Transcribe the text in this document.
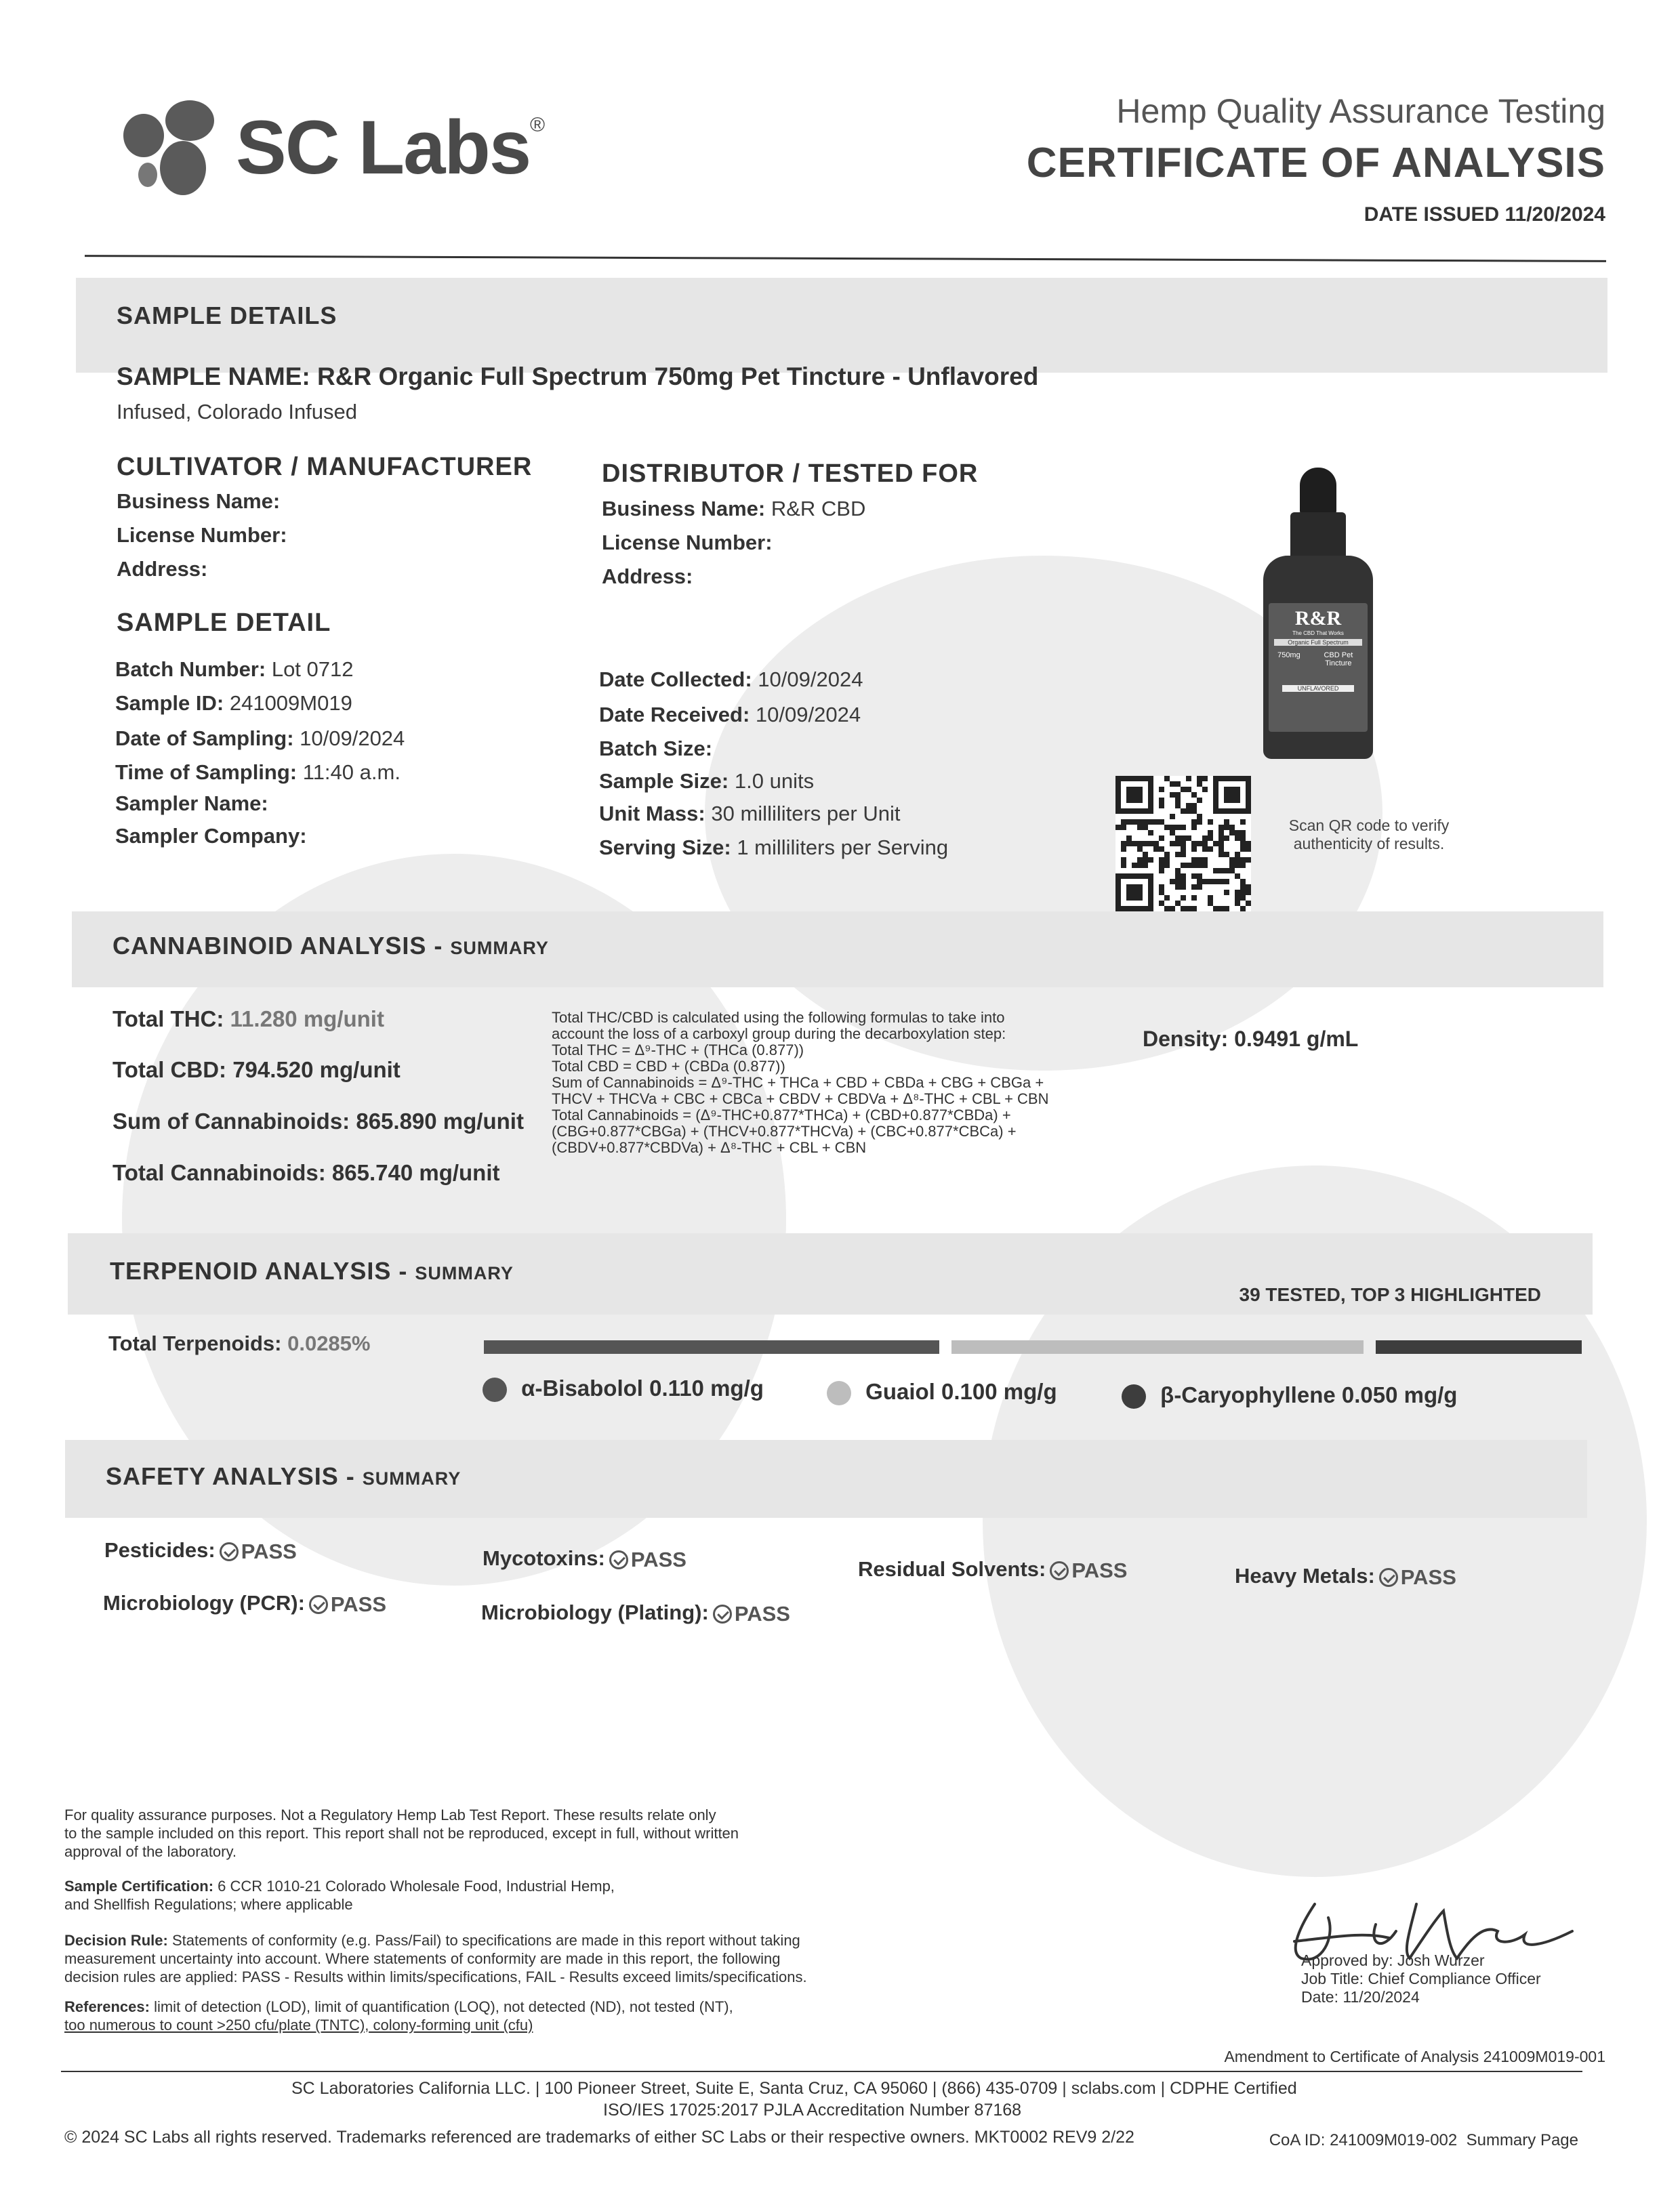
SC Labs ®	Hemp Quality Assurance Testing
CERTIFICATE OF ANALYSIS
DATE ISSUED 11/20/2024
SAMPLE DETAILS
SAMPLE NAME: R&R Organic Full Spectrum 750mg Pet Tincture - Unflavored
Infused, Colorado Infused
CULTIVATOR / MANUFACTURER
Business Name:
License Number:
Address:
DISTRIBUTOR / TESTED FOR
Business Name: R&R CBD
License Number:
Address:
SAMPLE DETAIL
Batch Number: Lot 0712
Sample ID: 241009M019
Date of Sampling: 10/09/2024
Time of Sampling: 11:40 a.m.
Sampler Name:
Sampler Company:
Date Collected: 10/09/2024
Date Received: 10/09/2024
Batch Size:
Sample Size: 1.0 units
Unit Mass: 30 milliliters per Unit
Serving Size: 1 milliliters per Serving
R&R
The CBD That Works
Organic Full Spectrum
750mg	CBD Pet Tincture
UNFLAVORED
Scan QR code to verify authenticity of results.
CANNABINOID ANALYSIS - SUMMARY
Total THC: 11.280 mg/unit
Total CBD: 794.520 mg/unit
Sum of Cannabinoids: 865.890 mg/unit
Total Cannabinoids: 865.740 mg/unit
Total THC/CBD is calculated using the following formulas to take into
account the loss of a carboxyl group during the decarboxylation step:
Total THC = Δ⁹-THC + (THCa (0.877))
Total CBD = CBD + (CBDa (0.877))
Sum of Cannabinoids = Δ⁹-THC + THCa + CBD + CBDa + CBG + CBGa +
THCV + THCVa + CBC + CBCa + CBDV + CBDVa + Δ⁸-THC + CBL + CBN
Total Cannabinoids = (Δ⁹-THC+0.877*THCa) + (CBD+0.877*CBDa) +
(CBG+0.877*CBGa) + (THCV+0.877*THCVa) + (CBC+0.877*CBCa) +
(CBDV+0.877*CBDVa) + Δ⁸-THC + CBL + CBN
Density: 0.9491 g/mL
TERPENOID ANALYSIS - SUMMARY
39 TESTED, TOP 3 HIGHLIGHTED
Total Terpenoids: 0.0285%
α-Bisabolol 0.110 mg/g	Guaiol 0.100 mg/g	β-Caryophyllene 0.050 mg/g
SAFETY ANALYSIS - SUMMARY
Pesticides: PASS
Microbiology (PCR): PASS
Mycotoxins: PASS
Microbiology (Plating): PASS
Residual Solvents: PASS	Heavy Metals: PASS
For quality assurance purposes. Not a Regulatory Hemp Lab Test Report. These results relate only
to the sample included on this report. This report shall not be reproduced, except in full, without written
approval of the laboratory.
Sample Certification: 6 CCR 1010-21 Colorado Wholesale Food, Industrial Hemp,
and Shellfish Regulations; where applicable
Decision Rule: Statements of conformity (e.g. Pass/Fail) to specifications are made in this report without taking
measurement uncertainty into account. Where statements of conformity are made in this report, the following
decision rules are applied: PASS - Results within limits/specifications, FAIL - Results exceed limits/specifications.
References: limit of detection (LOD), limit of quantification (LOQ), not detected (ND), not tested (NT),
too numerous to count >250 cfu/plate (TNTC), colony-forming unit (cfu)
Approved by: Josh Wurzer
Job Title: Chief Compliance Officer
Date: 11/20/2024
Amendment to Certificate of Analysis 241009M019-001
SC Laboratories California LLC. | 100 Pioneer Street, Suite E, Santa Cruz, CA 95060 | (866) 435-0709 | sclabs.com | CDPHE Certified
ISO/IES 17025:2017 PJLA Accreditation Number 87168
© 2024 SC Labs all rights reserved. Trademarks referenced are trademarks of either SC Labs or their respective owners. MKT0002 REV9 2/22	CoA ID: 241009M019-002 Summary Page
